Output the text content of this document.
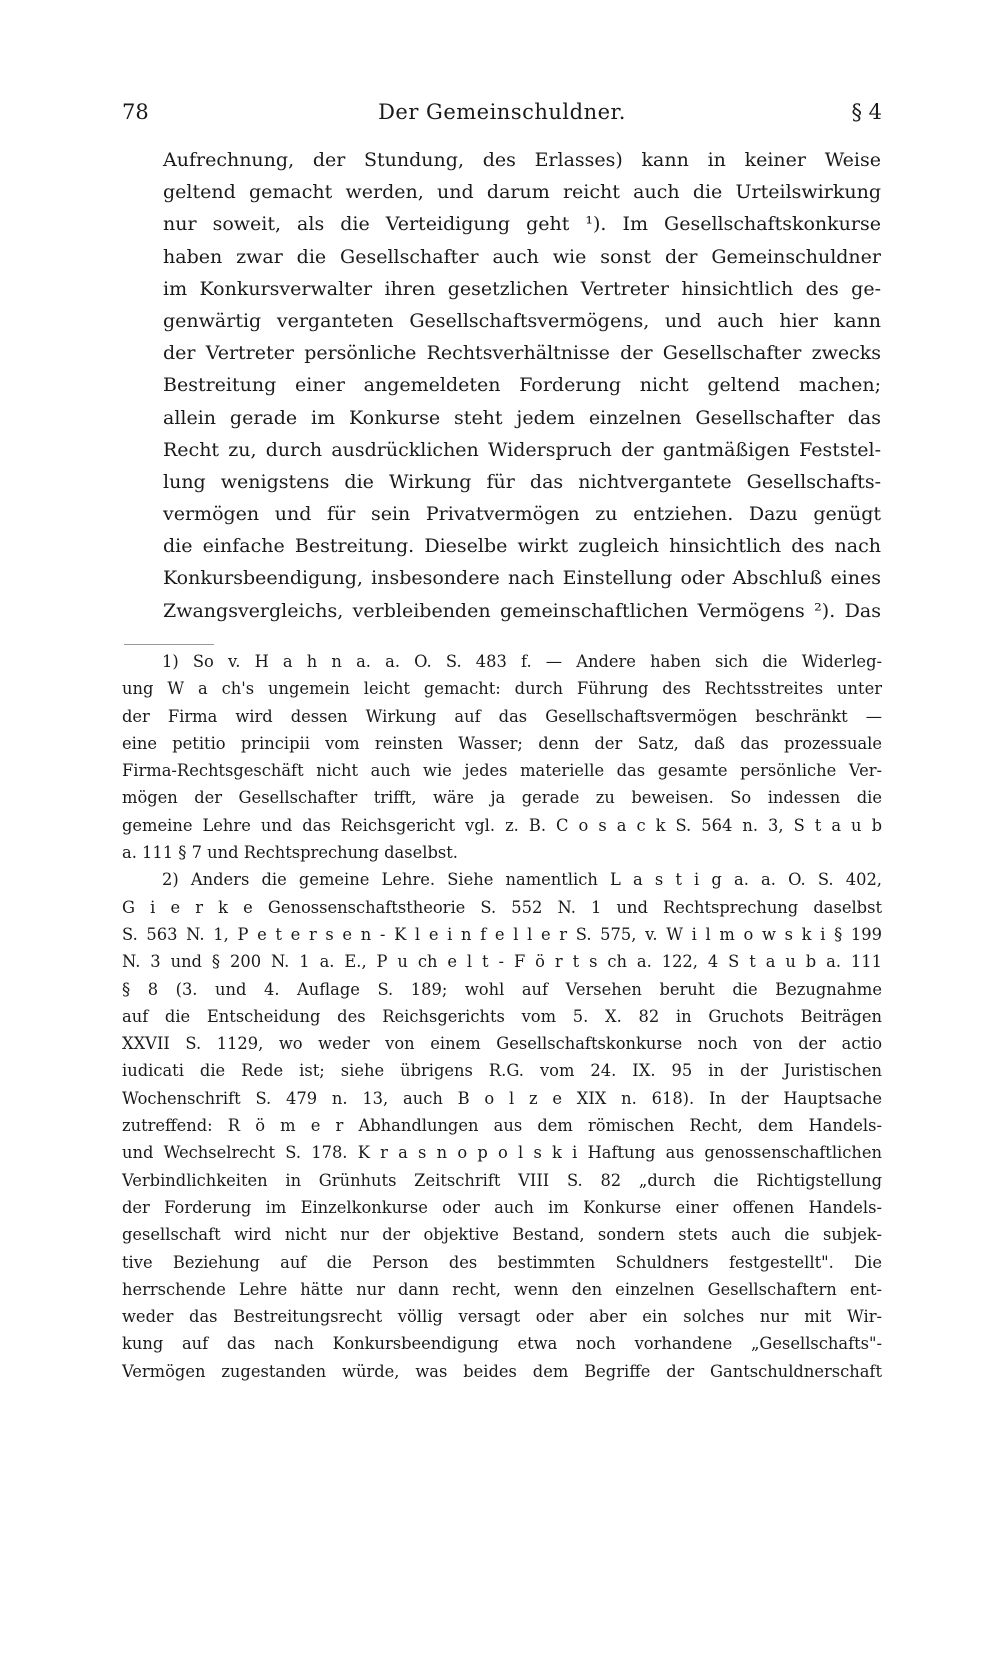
78	Der Gemeinschuldner.	§ 4
Aufrechnung, der Stundung, des Erlasses) kann in keiner Weise
geltend gemacht werden, und darum reicht auch die Urteilswirkung
nur soweit, als die Verteidigung geht ¹). Im Gesellschaftskonkurse
haben zwar die Gesellschafter auch wie sonst der Gemeinschuldner
im Konkursverwalter ihren gesetzlichen Vertreter hinsichtlich des ge-
genwärtig verganteten Gesellschaftsvermögens, und auch hier kann
der Vertreter persönliche Rechtsverhältnisse der Gesellschafter zwecks
Bestreitung einer angemeldeten Forderung nicht geltend machen;
allein gerade im Konkurse steht jedem einzelnen Gesellschafter das
Recht zu, durch ausdrücklichen Widerspruch der gantmäßigen Feststel-
lung wenigstens die Wirkung für das nichtvergantete Gesellschafts-
vermögen und für sein Privatvermögen zu entziehen. Dazu genügt
die einfache Bestreitung. Dieselbe wirkt zugleich hinsichtlich des nach
Konkursbeendigung, insbesondere nach Einstellung oder Abschluß eines
Zwangsvergleichs, verbleibenden gemeinschaftlichen Vermögens ²). Das
1) So v. H a h n a. a. O. S. 483 f. — Andere haben sich die Widerleg-
ung W a ch's ungemein leicht gemacht: durch Führung des Rechtsstreites unter
der Firma wird dessen Wirkung auf das Gesellschaftsvermögen beschränkt —
eine petitio principii vom reinsten Wasser; denn der Satz, daß das prozessuale
Firma-Rechtsgeschäft nicht auch wie jedes materielle das gesamte persönliche Ver-
mögen der Gesellschafter trifft, wäre ja gerade zu beweisen. So indessen die
gemeine Lehre und das Reichsgericht vgl. z. B. C o s a c k S. 564 n. 3, S t a u b
a. 111 § 7 und Rechtsprechung daselbst.
2) Anders die gemeine Lehre. Siehe namentlich L a s t i g a. a. O. S. 402,
G i e r k e Genossenschaftstheorie S. 552 N. 1 und Rechtsprechung daselbst
S. 563 N. 1, P e t e r s e n - K l e i n f e l l e r S. 575, v. W i l m o w s k i § 199
N. 3 und § 200 N. 1 a. E., P u ch e l t - F ö r t s ch a. 122, 4 S t a u b a. 111
§ 8 (3. und 4. Auflage S. 189; wohl auf Versehen beruht die Bezugnahme
auf die Entscheidung des Reichsgerichts vom 5. X. 82 in Gruchots Beiträgen
XXVII S. 1129, wo weder von einem Gesellschaftskonkurse noch von der actio
iudicati die Rede ist; siehe übrigens R.G. vom 24. IX. 95 in der Juristischen
Wochenschrift S. 479 n. 13, auch B o l z e XIX n. 618). In der Hauptsache
zutreffend: R ö m e r Abhandlungen aus dem römischen Recht, dem Handels-
und Wechselrecht S. 178. K r a s n o p o l s k i Haftung aus genossenschaftlichen
Verbindlichkeiten in Grünhuts Zeitschrift VIII S. 82 „durch die Richtigstellung
der Forderung im Einzelkonkurse oder auch im Konkurse einer offenen Handels-
gesellschaft wird nicht nur der objektive Bestand, sondern stets auch die subjek-
tive Beziehung auf die Person des bestimmten Schuldners festgestellt". Die
herrschende Lehre hätte nur dann recht, wenn den einzelnen Gesellschaftern ent-
weder das Bestreitungsrecht völlig versagt oder aber ein solches nur mit Wir-
kung auf das nach Konkursbeendigung etwa noch vorhandene „Gesellschafts"-
Vermögen zugestanden würde, was beides dem Begriffe der Gantschuldnerschaft
